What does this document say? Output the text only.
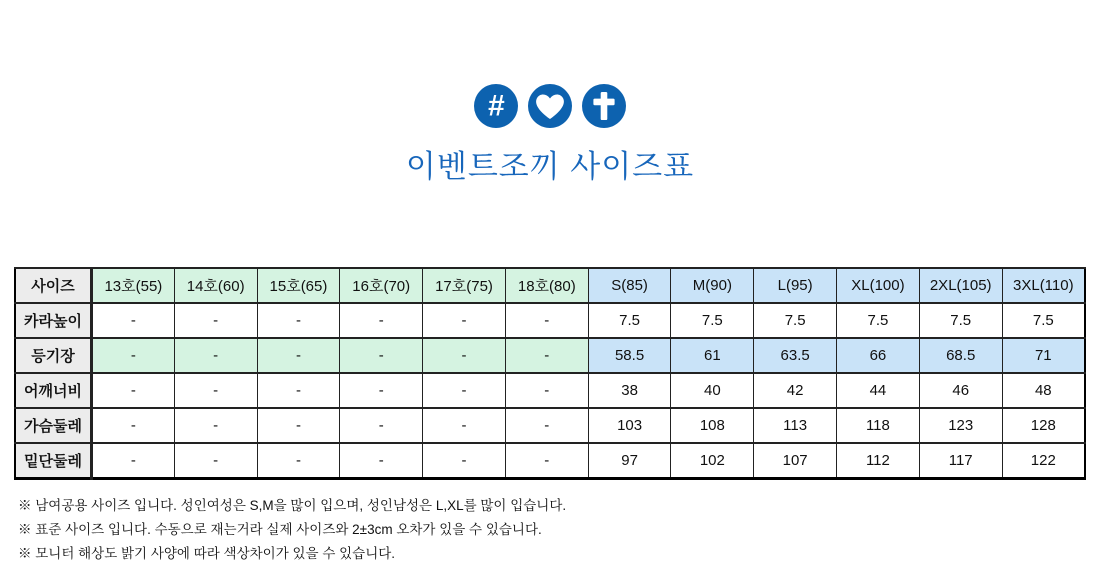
#
이벤트조끼 사이즈표
사이즈	13호(55)	14호(60)	15호(65)	16호(70)	17호(75)	18호(80)	S(85)	M(90)	L(95)	XL(100)	2XL(105)	3XL(110)
카라높이	-	-	-	-	-	-	7.5	7.5	7.5	7.5	7.5	7.5
등기장	-	-	-	-	-	-	58.5	61	63.5	66	68.5	71
어깨너비	-	-	-	-	-	-	38	40	42	44	46	48
가슴둘레	-	-	-	-	-	-	103	108	113	118	123	128
밑단둘레	-	-	-	-	-	-	97	102	107	112	117	122

※ 남여공용 사이즈 입니다. 성인여성은 S,M을 많이 입으며, 성인남성은 L,XL를 많이 입습니다.

※ 표준 사이즈 입니다. 수동으로 재는거라 실제 사이즈와 2±3cm 오차가 있을 수 있습니다.

※ 모니터 해상도 밝기 사양에 따라 색상차이가 있을 수 있습니다.
